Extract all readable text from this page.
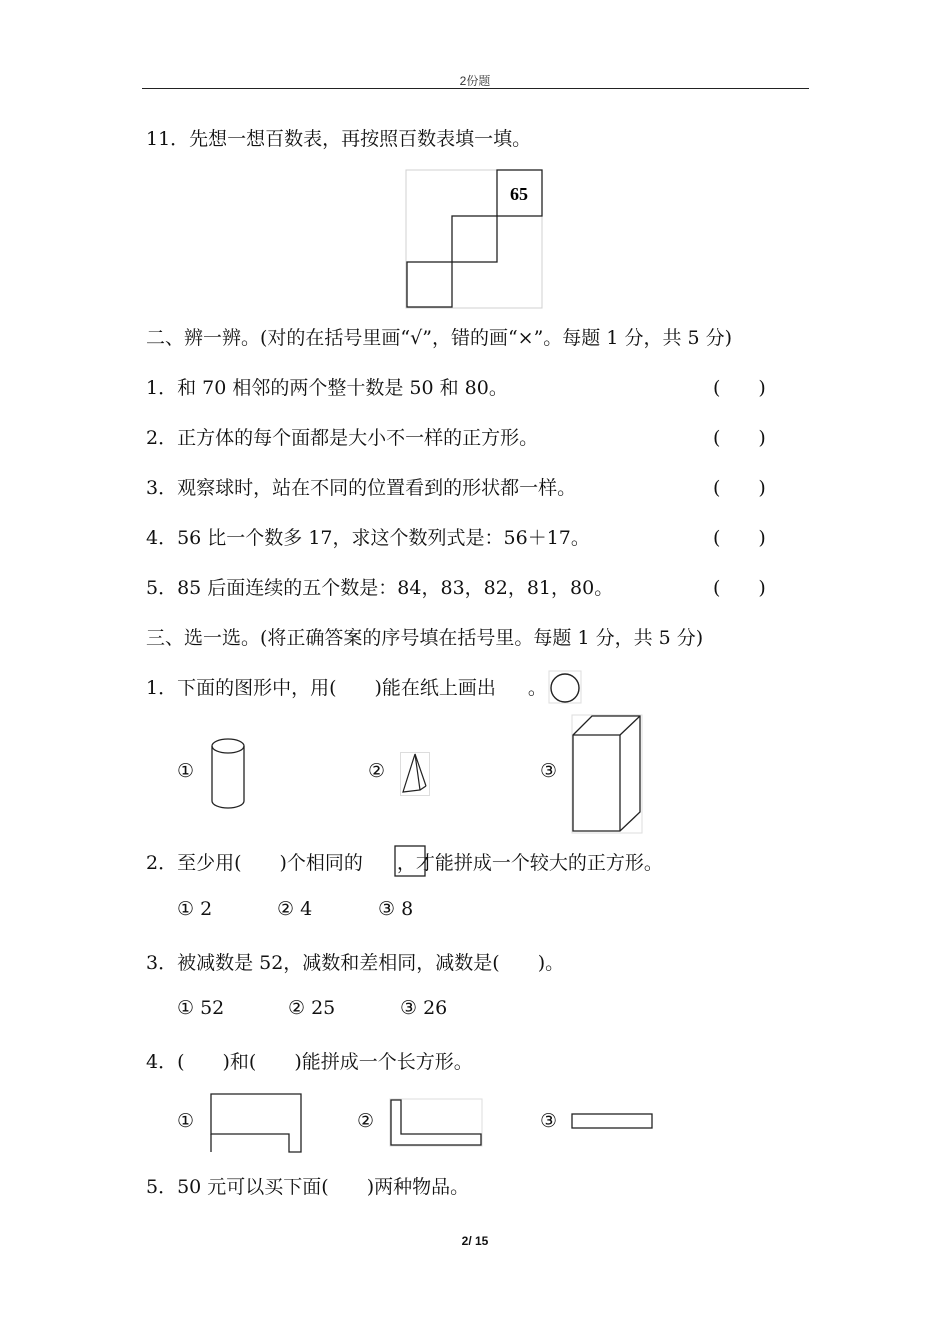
2份题
11．先想一想百数表，再按照百数表填一填。
65
二、辨一辨。(对的在括号里画“√”，错的画“×”。每题 1 分，共 5 分)
1．和 70 相邻的两个整十数是 50 和 80。	(　　)
2．正方体的每个面都是大小不一样的正方形。	(　　)
3．观察球时，站在不同的位置看到的形状都一样。	(　　)
4．56 比一个数多 17，求这个数列式是：56＋17。	(　　)
5．85 后面连续的五个数是：84，83，82，81，80。	(　　)
三、选一选。(将正确答案的序号填在括号里。每题 1 分，共 5 分)
1．下面的图形中，用(　　)能在纸上画出 。
①	②	③
2．至少用(　　)个相同的 ，才能拼成一个较大的正方形。
① 2	② 4	③ 8
3．被减数是 52，减数和差相同，减数是(　　)。
① 52	② 25	③ 26
4．(　　)和(　　)能拼成一个长方形。
①	②	③
5．50 元可以买下面(　　)两种物品。
2/ 15
